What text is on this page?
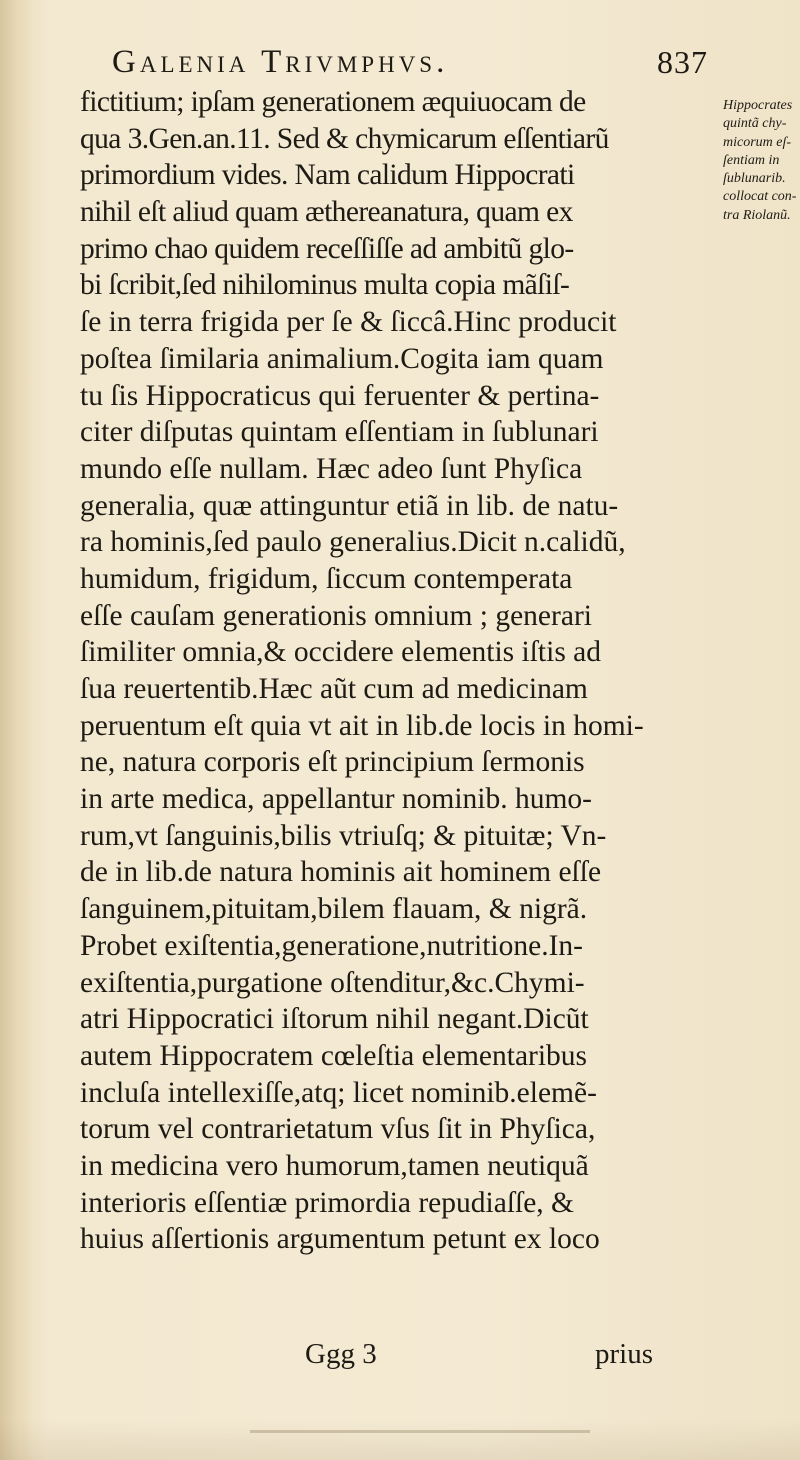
Galenia Trivmphvs.	837
fictitium; ipſam generationem æquiuocam de
qua 3.Gen.an.11. Sed & chymicarum eſſentiarũ
primordium vides. Nam calidum Hippocrati
nihil eſt aliud quam æthereanatura, quam ex
primo chao quidem receſſiſſe ad ambitũ glo-
bi ſcribit,ſed nihilominus multa copia mãſiſ-
ſe in terra frigida per ſe & ſiccâ.Hinc producit
poſtea ſimilaria animalium.Cogita iam quam
tu ſis Hippocraticus qui feruenter & pertina-
citer diſputas quintam eſſentiam in ſublunari
mundo eſſe nullam. Hæc adeo ſunt Phyſica
generalia, quæ attinguntur etiã in lib. de natu-
ra hominis,ſed paulo generalius.Dicit n.calidũ,
humidum, frigidum, ſiccum contemperata
eſſe cauſam generationis omnium ; generari
ſimiliter omnia,& occidere elementis iſtis ad
ſua reuertentib.Hæc aũt cum ad medicinam
peruentum eſt quia vt ait in lib.de locis in homi-
ne, natura corporis eſt principium ſermonis
in arte medica, appellantur nominib. humo-
rum,vt ſanguinis,bilis vtriuſq; & pituitæ; Vn-
de in lib.de natura hominis ait hominem eſſe
ſanguinem,pituitam,bilem flauam, & nigrã.
Probet exiſtentia,generatione,nutritione.In-
exiſtentia,purgatione oſtenditur,&c.Chymi-
atri Hippocratici iſtorum nihil negant.Dicũt
autem Hippocratem cœleſtia elementaribus
incluſa intellexiſſe,atq; licet nominib.elemẽ-
torum vel contrarietatum vſus ſit in Phyſica,
in medicina vero humorum,tamen neutiquã
interioris eſſentiæ primordia repudiaſſe, &
huius aſſertionis argumentum petunt ex loco
Hippocrates
quintã chy-
micorum eſ-
ſentiam in
ſublunarib.
collocat con-
tra Riolanũ.
Ggg 3	prius
